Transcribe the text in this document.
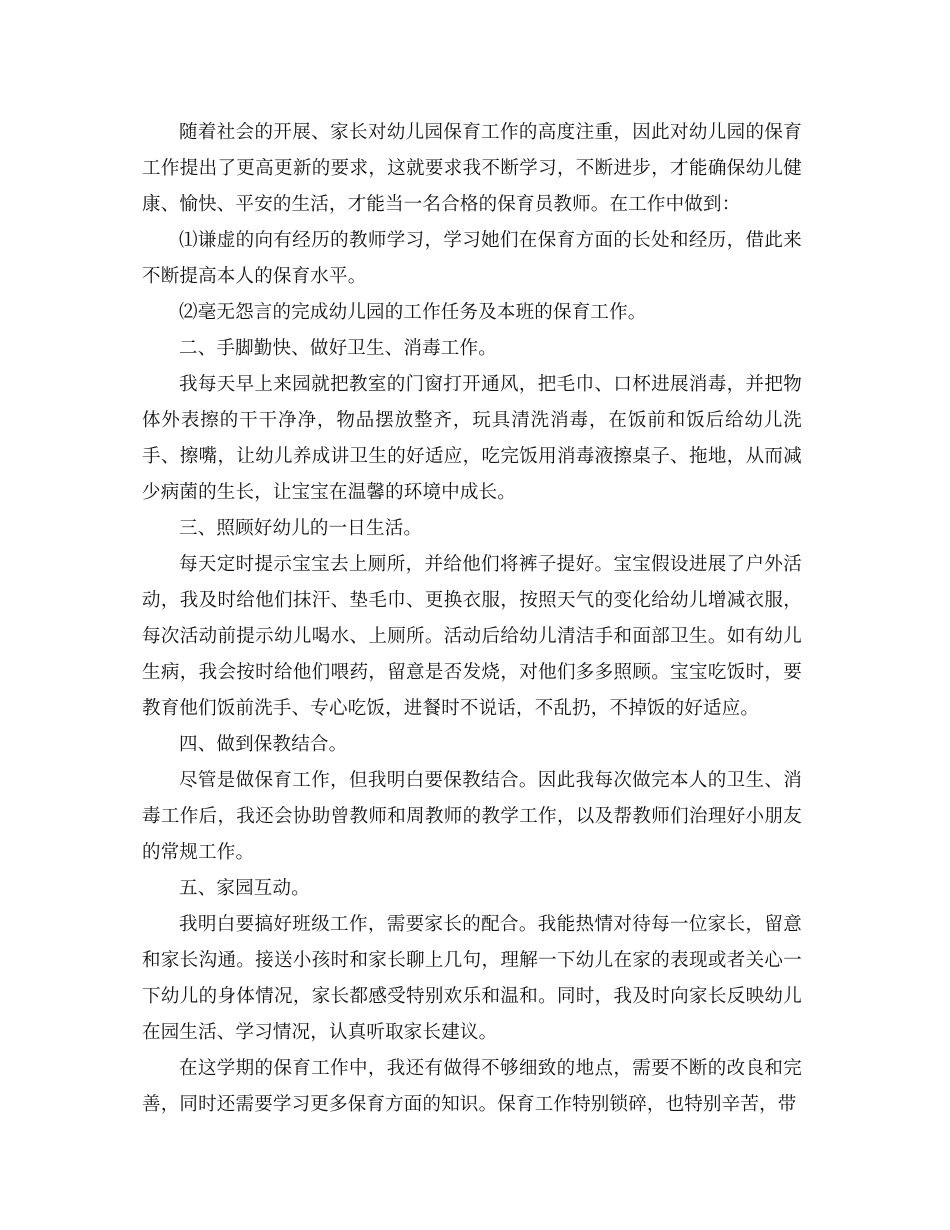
随着社会的开展、家长对幼儿园保育工作的高度注重，因此对幼儿园的保育工作提出了更高更新的要求，这就要求我不断学习，不断进步，才能确保幼儿健康、愉快、平安的生活，才能当一名合格的保育员教师。在工作中做到：

⑴谦虚的向有经历的教师学习，学习她们在保育方面的长处和经历，借此来不断提高本人的保育水平。

⑵毫无怨言的完成幼儿园的工作任务及本班的保育工作。

二、手脚勤快、做好卫生、消毒工作。

我每天早上来园就把教室的门窗打开通风，把毛巾、口杯进展消毒，并把物体外表擦的干干净净，物品摆放整齐，玩具清洗消毒，在饭前和饭后给幼儿洗手、擦嘴，让幼儿养成讲卫生的好适应，吃完饭用消毒液擦桌子、拖地，从而减少病菌的生长，让宝宝在温馨的环境中成长。

三、照顾好幼儿的一日生活。

每天定时提示宝宝去上厕所，并给他们将裤子提好。宝宝假设进展了户外活动，我及时给他们抹汗、垫毛巾、更换衣服，按照天气的变化给幼儿增减衣服，每次活动前提示幼儿喝水、上厕所。活动后给幼儿清洁手和面部卫生。如有幼儿生病，我会按时给他们喂药，留意是否发烧，对他们多多照顾。宝宝吃饭时，要教育他们饭前洗手、专心吃饭，进餐时不说话，不乱扔，不掉饭的好适应。

四、做到保教结合。

尽管是做保育工作，但我明白要保教结合。因此我每次做完本人的卫生、消毒工作后，我还会协助曾教师和周教师的教学工作，以及帮教师们治理好小朋友的常规工作。

五、家园互动。

我明白要搞好班级工作，需要家长的配合。我能热情对待每一位家长，留意和家长沟通。接送小孩时和家长聊上几句，理解一下幼儿在家的表现或者关心一下幼儿的身体情况，家长都感受特别欢乐和温和。同时，我及时向家长反映幼儿在园生活、学习情况，认真听取家长建议。

在这学期的保育工作中，我还有做得不够细致的地点，需要不断的改良和完善，同时还需要学习更多保育方面的知识。保育工作特别锁碎，也特别辛苦，带
